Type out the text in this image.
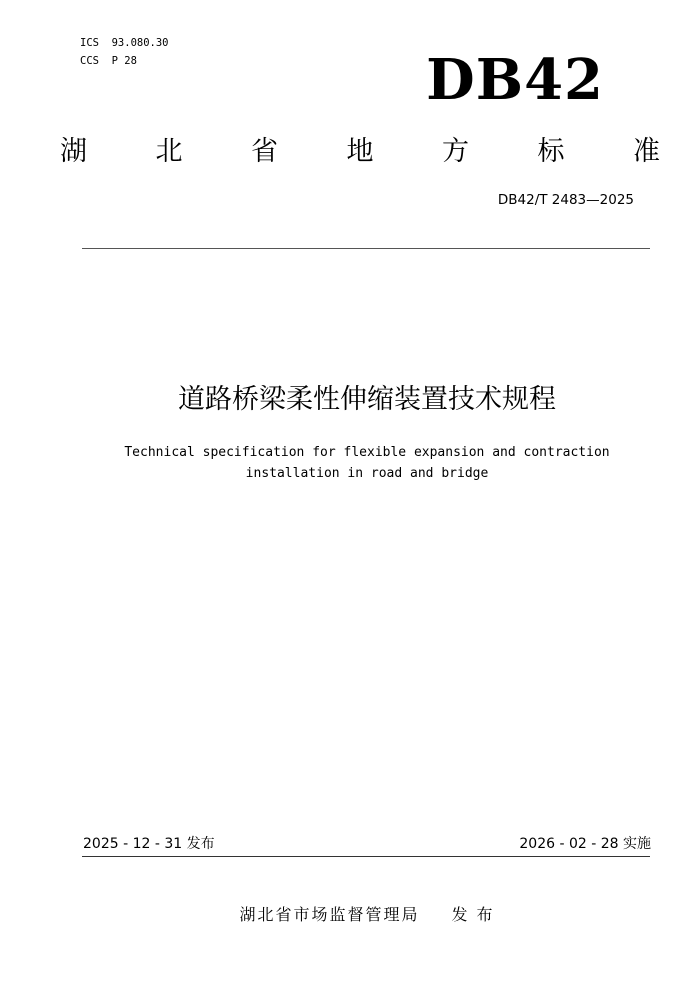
ICS  93.080.30
CCS  P 28	DB42
湖	北	省	地	方	标	准
DB42/T 2483—2025
道路桥梁柔性伸缩装置技术规程
Technical specification for flexible expansion and contraction
installation in road and bridge
2025 - 12 - 31 发布	2026 - 02 - 28 实施
湖北省市场监督管理局 发 布
